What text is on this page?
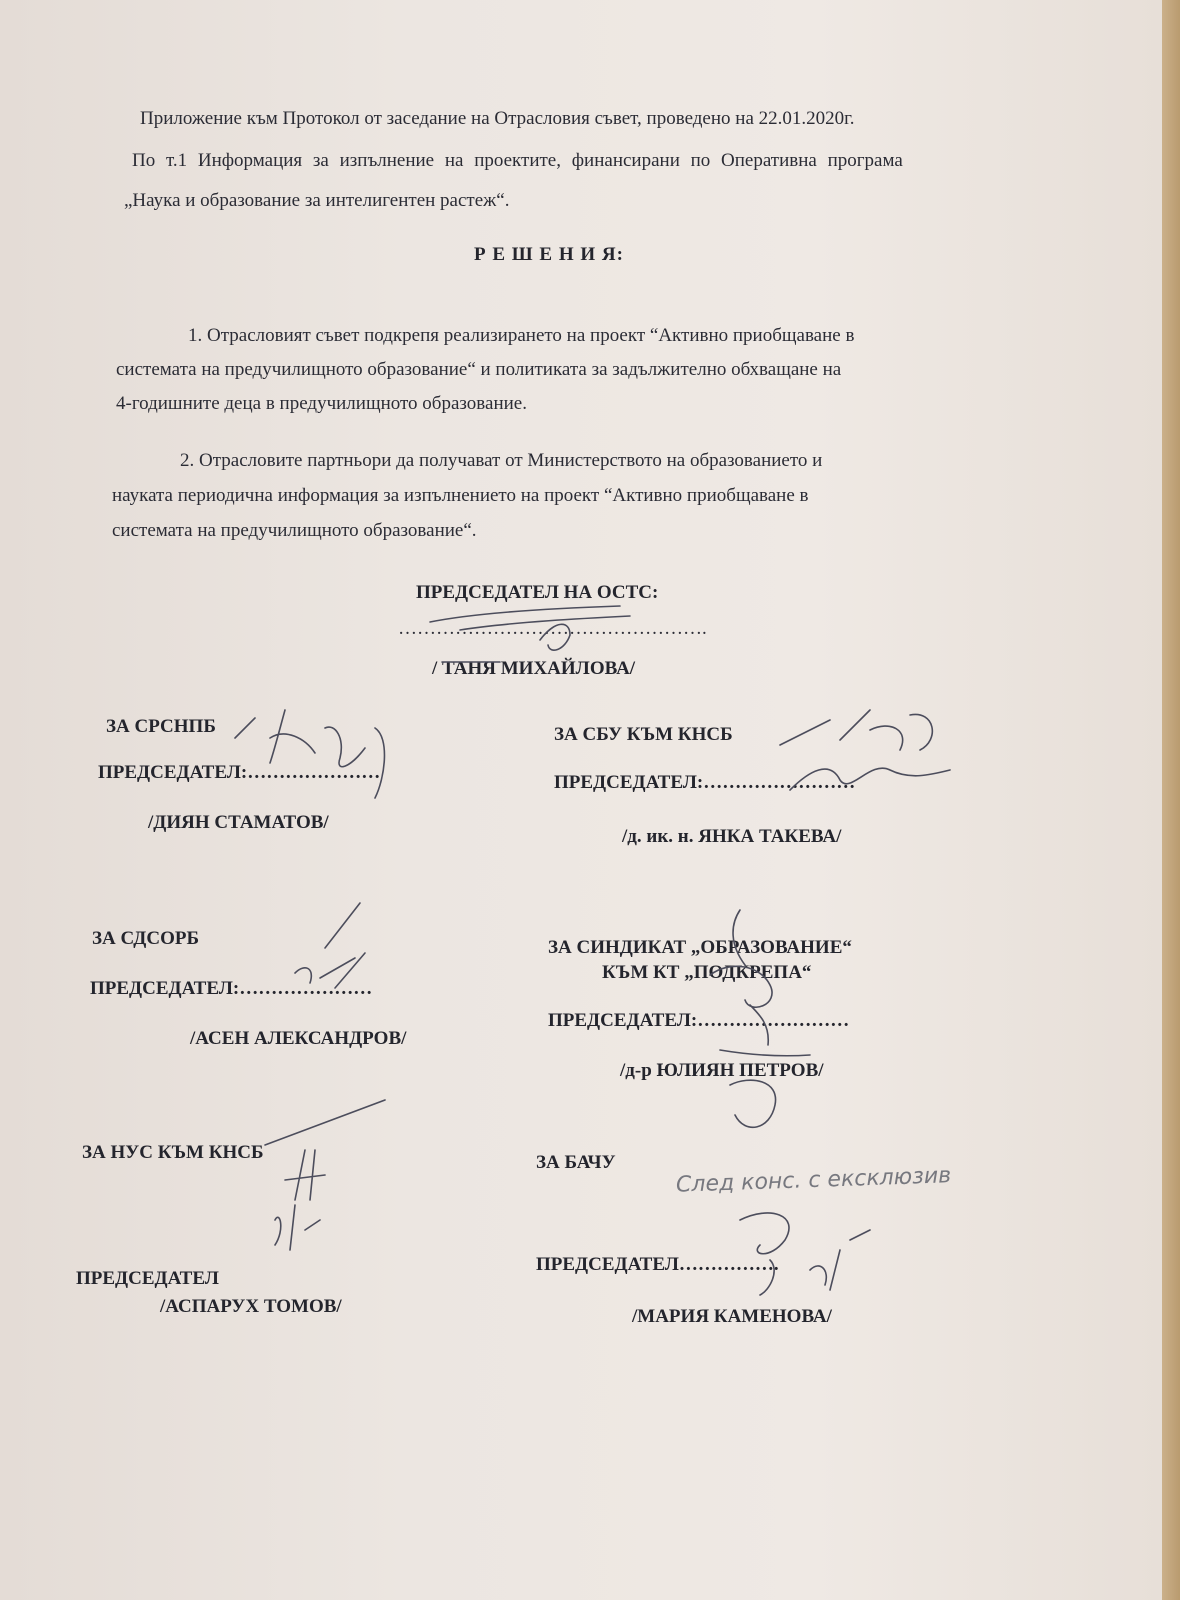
Приложение към Протокол от заседание на Отрасловия съвет, проведено на 22.01.2020г.
По т.1 Информация за изпълнение на проектите, финансирани по Оперативна програма
„Наука и образование за интелигентен растеж“.
Р Е Ш Е Н И Я:
1. Отрасловият съвет подкрепя реализирането на проект “Активно приобщаване в
системата на предучилищното образование“ и политиката за задължително обхващане на
4-годишните деца в предучилищното образование.
2. Отрасловите партньори да получават от Министерството на образованието и
науката периодична информация за изпълнението на проект “Активно приобщаване в
системата на предучилищното образование“.
ПРЕДСЕДАТЕЛ НА ОСТС:
………………………………………….
/ ТАНЯ МИХАЙЛОВА/
ЗА СРСНПБ
ПРЕДСЕДАТЕЛ:…………………
/ДИЯН СТАМАТОВ/
ЗА СБУ КЪМ КНСБ
ПРЕДСЕДАТЕЛ:……………………
/д. ик. н. ЯНКА ТАКЕВА/
ЗА СДСОРБ
ПРЕДСЕДАТЕЛ:…………………
/АСЕН АЛЕКСАНДРОВ/
ЗА СИНДИКАТ „ОБРАЗОВАНИЕ“
КЪМ КТ „ПОДКРЕПА“
ПРЕДСЕДАТЕЛ:……………………
/д-р ЮЛИЯН ПЕТРОВ/
ЗА НУС КЪМ КНСБ
ПРЕДСЕДАТЕЛ
/АСПАРУХ ТОМОВ/
ЗА БАЧУ
След конс. с ексклюзив
ПРЕДСЕДАТЕЛ…………….
/МАРИЯ КАМЕНОВА/
